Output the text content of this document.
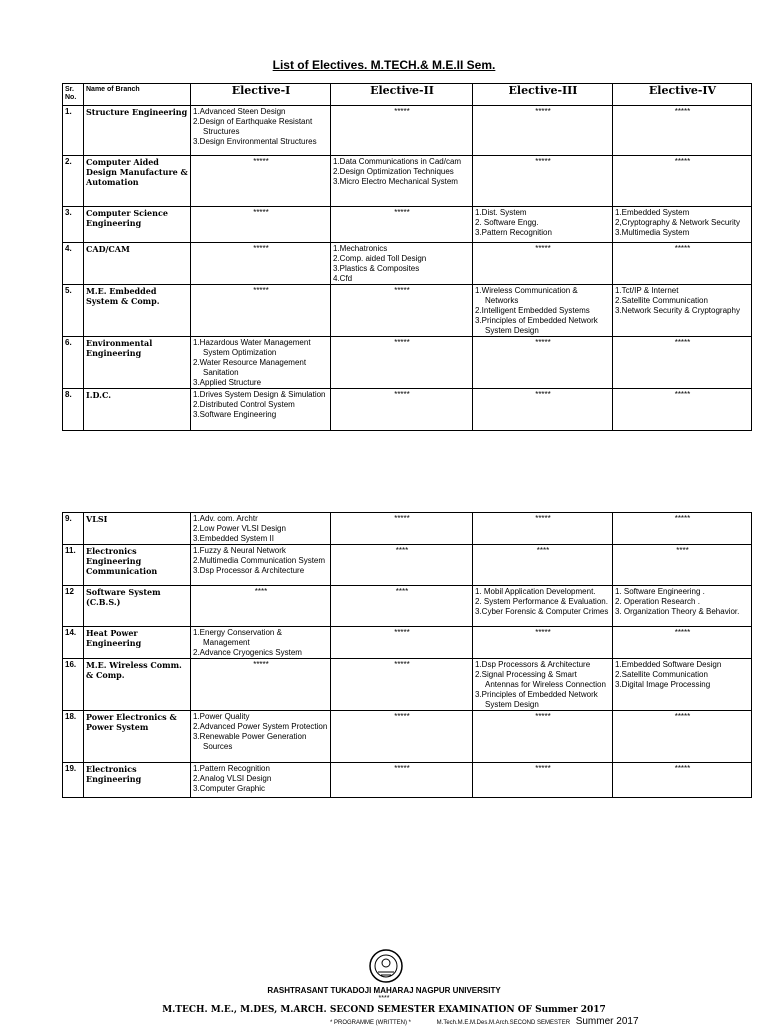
List of Electives. M.TECH.& M.E.II Sem.
Sr. No.	Name of Branch	Elective-I	Elective-II	Elective-III	Elective-IV
1.	Structure Engineering	1.Advanced Steen Design
2.Design of Earthquake Resistant Structures
3.Design Environmental Structures	*****	*****	*****
2.	Computer Aided Design Manufacture & Automation	*****	1.Data Communications in Cad/cam
2.Design Optimization Techniques
3.Micro Electro Mechanical System	*****	*****
3.	Computer Science Engineering	*****	*****	1.Dist. System
2. Software Engg.
3.Pattern Recognition	1.Embedded System
2,Cryptography & Network Security
3.Multimedia System

4.	CAD/CAM	*****	1.Mechatronics
2.Comp. aided Toll Design
3.Plastics & Composites
4.Cfd	*****	*****
5.	M.E. Embedded System & Comp.	*****	*****	1.Wireless Communication & Networks
2.Intelligent Embedded Systems
3.Principles of Embedded Network System Design	1.Tct/IP & Internet
2.Satellite Communication
3.Network Security & Cryptography

6.	Environmental Engineering	1.Hazardous Water Management System Optimization
2.Water Resource Management Sanitation
3.Applied Structure	*****	*****	*****
8.	I.D.C.	1.Drives System Design & Simulation
2.Distributed Control System
3.Software Engineering	*****	*****	*****
9.	VLSI	1.Adv. com. Archtr
2.Low Power VLSI Design
3.Embedded System II	*****	*****	*****
11.	Electronics Engineering Communication	1.Fuzzy & Neural Network
2.Multimedia Communication System
3.Dsp Processor & Architecture	****	****	****
12	Software System (C.B.S.)	****	****	1. Mobil Application Development.
2. System Performance & Evaluation.
3.Cyber Forensic & Computer Crimes	1. Software Engineering .
2. Operation Research .
3. Organization Theory & Behavior.

14.	Heat Power Engineering	1.Energy Conservation & Management
2.Advance Cryogenics System	*****	*****	*****
16.	M.E. Wireless Comm. & Comp.	*****	*****	1.Dsp Processors & Architecture
2.Signal Processing & Smart Antennas for Wireless Connection
3.Principles of Embedded Network System Design	1.Embedded Software Design
2.Satellite Communication
3.Digital Image Processing

18.	Power Electronics & Power System	1.Power Quality
2.Advanced Power System Protection
3.Renewable Power Generation Sources	*****	*****	*****
19.	Electronics Engineering	1.Pattern Recognition
2.Analog VLSI Design
3.Computer Graphic	*****	*****	*****
RASHTRASANT TUKADOJI MAHARAJ NAGPUR UNIVERSITY
****
M.TECH. M.E., M.DES, M.ARCH. SECOND SEMESTER EXAMINATION OF Summer 2017
* PROGRAMME (WRITTEN) *	M.Tech.M.E.M.Des.M.Arch.SECOND SEMESTER Summer 2017
